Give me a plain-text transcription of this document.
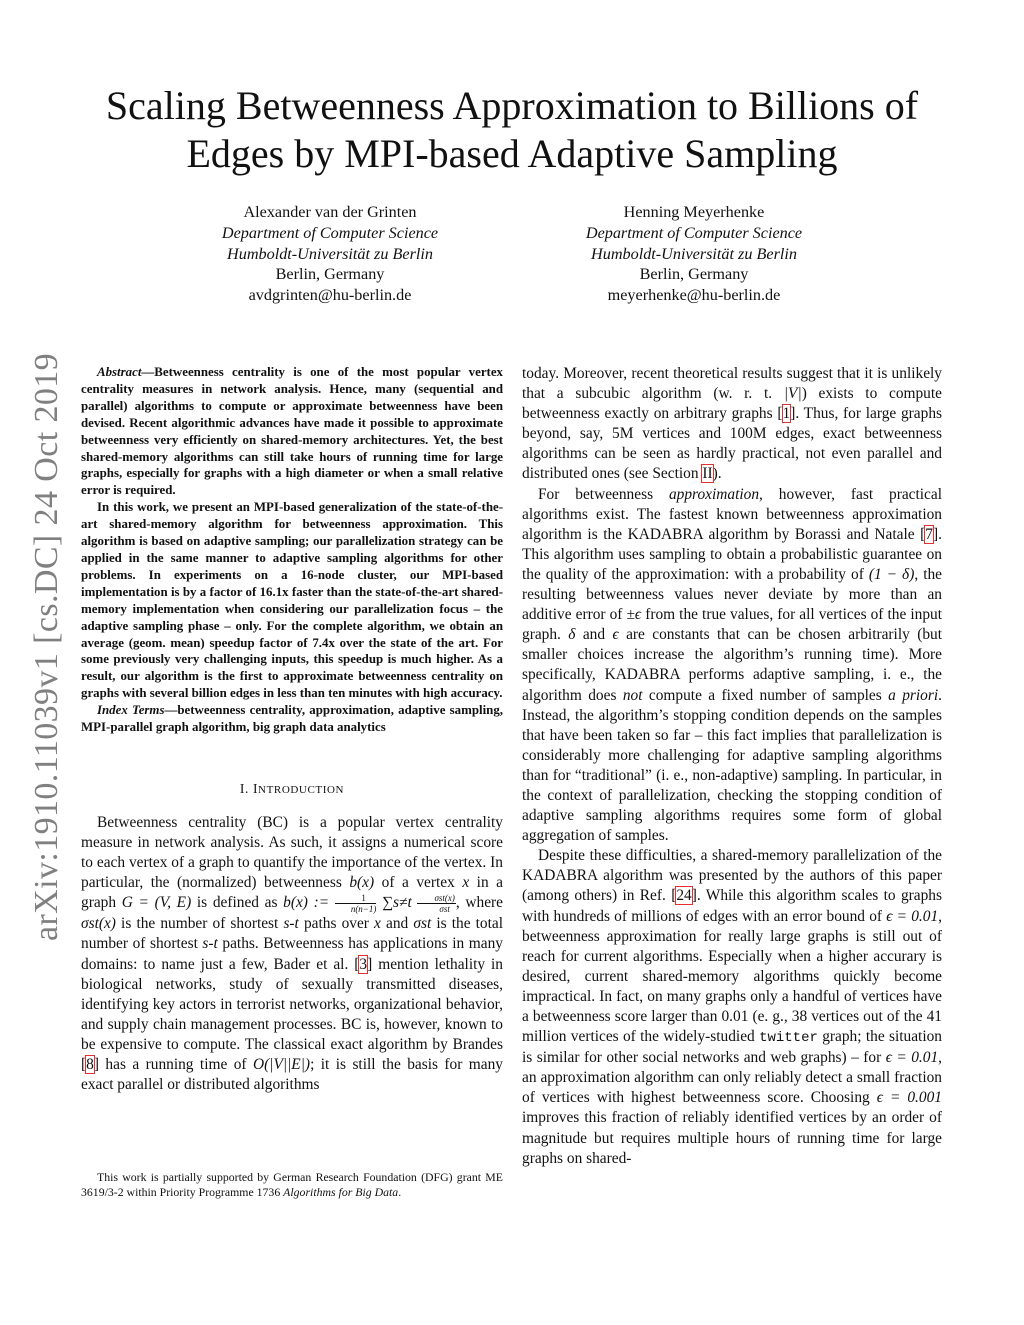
Scaling Betweenness Approximation to Billions of
Edges by MPI-based Adaptive Sampling
Alexander van der Grinten
Department of Computer Science
Humboldt-Universität zu Berlin
Berlin, Germany
avdgrinten@hu-berlin.de
Henning Meyerhenke
Department of Computer Science
Humboldt-Universität zu Berlin
Berlin, Germany
meyerhenke@hu-berlin.de
arXiv:1910.11039v1 [cs.DC] 24 Oct 2019	Abstract—Betweenness centrality is one of the most popular vertex centrality measures in network analysis. Hence, many (sequential and parallel) algorithms to compute or approximate betweenness have been devised. Recent algorithmic advances have made it possible to approximate betweenness very efficiently on shared-memory architectures. Yet, the best shared-memory algorithms can still take hours of running time for large graphs, especially for graphs with a high diameter or when a small relative error is required.

In this work, we present an MPI-based generalization of the state-of-the-art shared-memory algorithm for betweenness approximation. This algorithm is based on adaptive sampling; our parallelization strategy can be applied in the same manner to adaptive sampling algorithms for other problems. In experiments on a 16-node cluster, our MPI-based implementation is by a factor of 16.1x faster than the state-of-the-art shared-memory implementation when considering our parallelization focus – the adaptive sampling phase – only. For the complete algorithm, we obtain an average (geom. mean) speedup factor of 7.4x over the state of the art. For some previously very challenging inputs, this speedup is much higher. As a result, our algorithm is the first to approximate betweenness centrality on graphs with several billion edges in less than ten minutes with high accuracy.

Index Terms—betweenness centrality, approximation, adaptive sampling, MPI-parallel graph algorithm, big graph data analytics

I. INTRODUCTION

Betweenness centrality (BC) is a popular vertex centrality measure in network analysis. As such, it assigns a numerical score to each vertex of a graph to quantify the importance of the vertex. In particular, the (normalized) betweenness b(x) of a vertex x in a graph G = (V, E) is defined as b(x) := $\frac{1}{n(n-1)} \sum s\ne t \frac{\text{σst(x)}}{\text{σst}}$ , where σst(x) is the number of shortest s-t paths over x and σst is the total number of shortest s-t paths. Betweenness has applications in many domains: to name just a few, Bader et al. [3] mention lethality in biological networks, study of sexually transmitted diseases, identifying key actors in terrorist networks, organizational behavior, and supply chain management processes. BC is, however, known to be expensive to compute. The classical exact algorithm by Brandes [8] has a running time of O(|V||E|); it is still the basis for many exact parallel or distributed algorithms

This work is partially supported by German Research Foundation (DFG) grant ME 3619/3-2 within Priority Programme 1736 Algorithms for Big Data.

today. Moreover, recent theoretical results suggest that it is unlikely that a subcubic algorithm (w. r. t. |V|) exists to compute betweenness exactly on arbitrary graphs [1]. Thus, for large graphs beyond, say, 5M vertices and 100M edges, exact betweenness algorithms can be seen as hardly practical, not even parallel and distributed ones (see Section II).

For betweenness approximation, however, fast practical algorithms exist. The fastest known betweenness approximation algorithm is the KADABRA algorithm by Borassi and Natale [7]. This algorithm uses sampling to obtain a probabilistic guarantee on the quality of the approximation: with a probability of (1 − δ), the resulting betweenness values never deviate by more than an additive error of ±ϵ from the true values, for all vertices of the input graph. δ and ϵ are constants that can be chosen arbitrarily (but smaller choices increase the algorithm’s running time). More specifically, KADABRA performs adaptive sampling, i. e., the algorithm does not compute a fixed number of samples a priori. Instead, the algorithm’s stopping condition depends on the samples that have been taken so far – this fact implies that parallelization is considerably more challenging for adaptive sampling algorithms than for “traditional” (i. e., non-adaptive) sampling. In particular, in the context of parallelization, checking the stopping condition of adaptive sampling algorithms requires some form of global aggregation of samples.

Despite these difficulties, a shared-memory parallelization of the KADABRA algorithm was presented by the authors of this paper (among others) in Ref. [24]. While this algorithm scales to graphs with hundreds of millions of edges with an error bound of ϵ = 0.01, betweenness approximation for really large graphs is still out of reach for current algorithms. Especially when a higher accurary is desired, current shared-memory algorithms quickly become impractical. In fact, on many graphs only a handful of vertices have a betweenness score larger than 0.01 (e. g., 38 vertices out of the 41 million vertices of the widely-studied twitter graph; the situation is similar for other social networks and web graphs) – for ϵ = 0.01, an approximation algorithm can only reliably detect a small fraction of vertices with highest betweenness score. Choosing ϵ = 0.001 improves this fraction of reliably identified vertices by an order of magnitude but requires multiple hours of running time for large graphs on shared-
